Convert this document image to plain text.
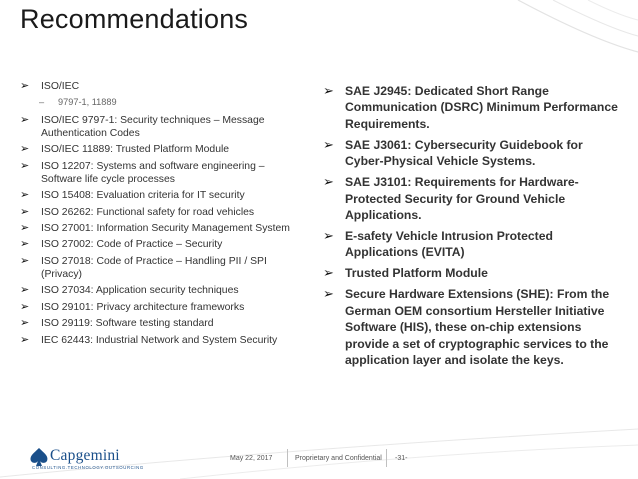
Recommendations
➢ ISO/IEC
– 9797-1, 11889
➢ ISO/IEC 9797-1: Security techniques – Message Authentication Codes
➢ ISO/IEC 11889: Trusted Platform Module
➢ ISO 12207: Systems and software engineering – Software life cycle processes
➢ ISO 15408: Evaluation criteria for IT security
➢ ISO 26262: Functional safety for road vehicles
➢ ISO 27001: Information Security Management System
➢ ISO 27002: Code of Practice – Security
➢ ISO 27018: Code of Practice – Handling PII / SPI (Privacy)
➢ ISO 27034: Application security techniques
➢ ISO 29101: Privacy architecture frameworks
➢ ISO 29119: Software testing standard
➢ IEC 62443: Industrial Network and System Security
➢ SAE J2945: Dedicated Short Range Communication (DSRC) Minimum Performance Requirements.
➢ SAE J3061: Cybersecurity Guidebook for Cyber-Physical Vehicle Systems.
➢ SAE J3101: Requirements for Hardware-Protected Security for Ground Vehicle Applications.
➢ E-safety Vehicle Intrusion Protected Applications (EVITA)
➢ Trusted Platform Module
➢ Secure Hardware Extensions (SHE): From the German OEM consortium Hersteller Initiative Software (HIS), these on-chip extensions provide a set of cryptographic services to the application layer and isolate the keys.
Capgemini
CONSULTING.TECHNOLOGY.OUTSOURCING
May 22, 2017	Proprietary and Confidential -31-
